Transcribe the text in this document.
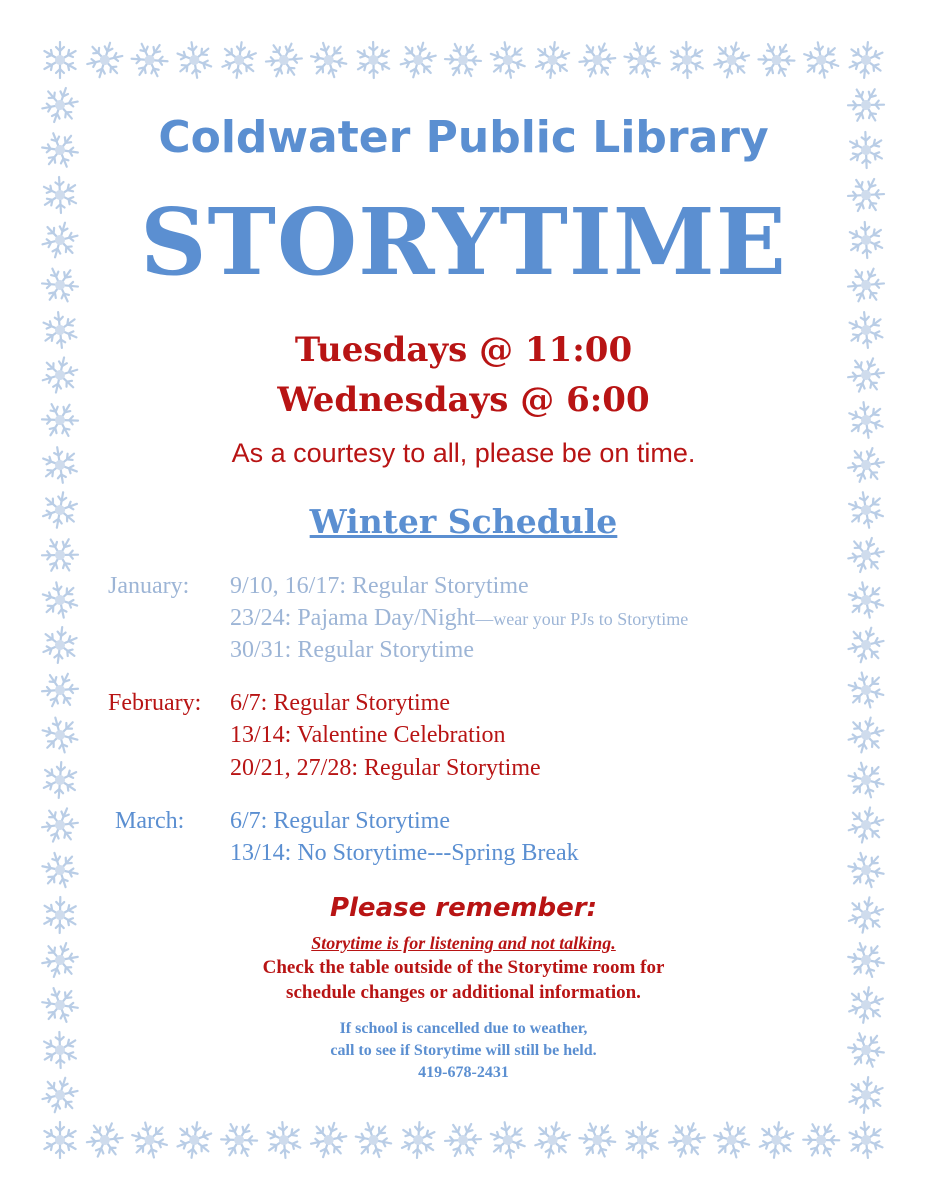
Coldwater Public Library
STORYTIME
Tuesdays @ 11:00
Wednesdays @ 6:00
As a courtesy to all, please be on time.
Winter Schedule
January: 9/10, 16/17: Regular Storytime
23/24: Pajama Day/Night—wear your PJs to Storytime
30/31: Regular Storytime
February: 6/7: Regular Storytime
13/14: Valentine Celebration
20/21, 27/28: Regular Storytime
March: 6/7: Regular Storytime
13/14: No Storytime---Spring Break
Please remember:
Storytime is for listening and not talking.
Check the table outside of the Storytime room for
schedule changes or additional information.
If school is cancelled due to weather,
call to see if Storytime will still be held.
419-678-2431
